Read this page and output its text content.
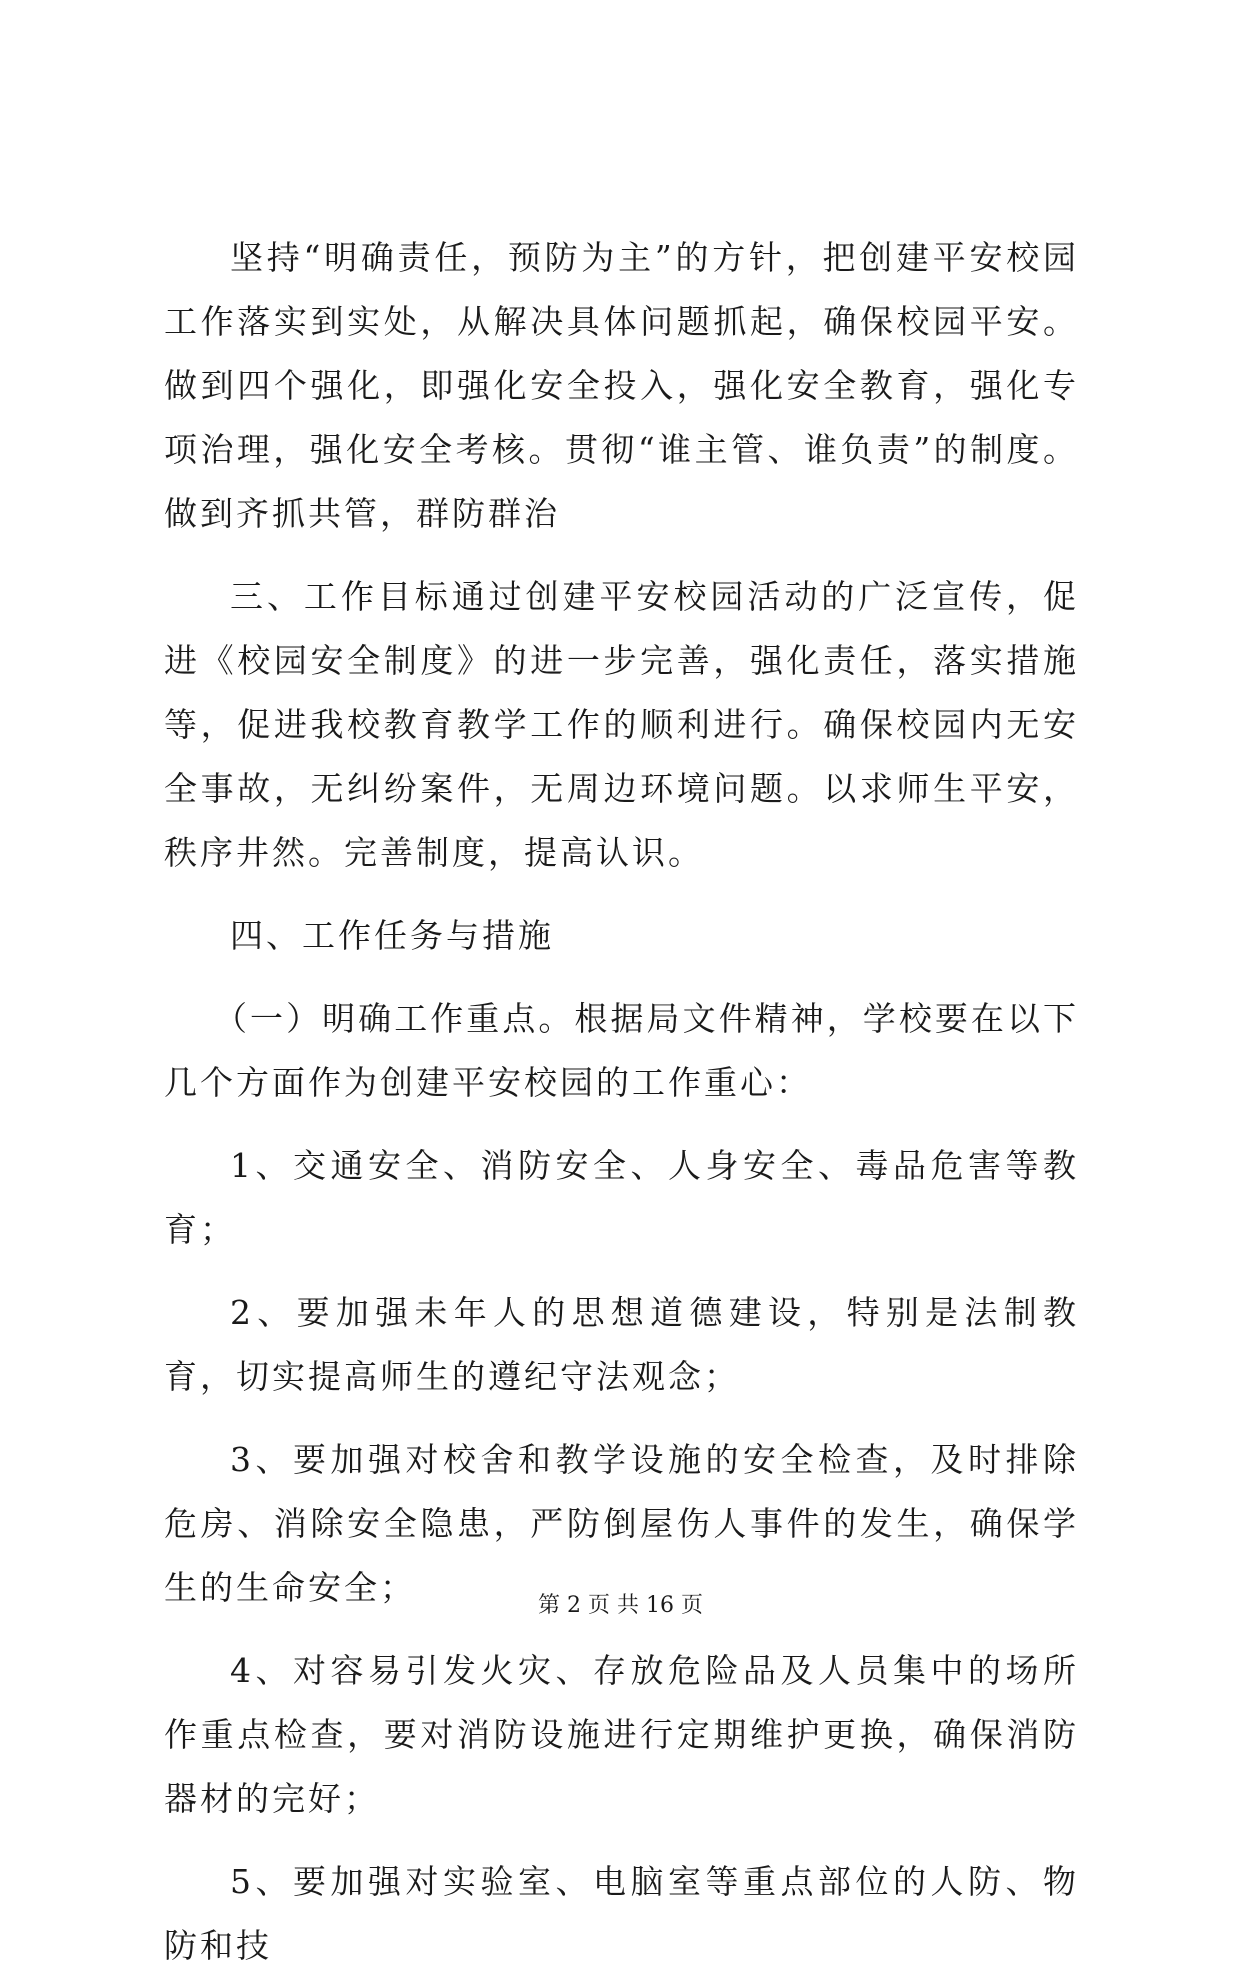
坚持“明确责任，预防为主”的方针，把创建平安校园工作落实到实处，从解决具体问题抓起，确保校园平安。做到四个强化，即强化安全投入，强化安全教育，强化专项治理，强化安全考核。贯彻“谁主管、谁负责”的制度。做到齐抓共管，群防群治

三、工作目标通过创建平安校园活动的广泛宣传，促进《校园安全制度》的进一步完善，强化责任，落实措施等，促进我校教育教学工作的顺利进行。确保校园内无安全事故，无纠纷案件，无周边环境问题。以求师生平安，秩序井然。完善制度，提高认识。

四、工作任务与措施

（一）明确工作重点。根据局文件精神，学校要在以下几个方面作为创建平安校园的工作重心：

1、交通安全、消防安全、人身安全、毒品危害等教育；

2、要加强未年人的思想道德建设，特别是法制教育，切实提高师生的遵纪守法观念；

3、要加强对校舍和教学设施的安全检查，及时排除危房、消除安全隐患，严防倒屋伤人事件的发生，确保学生的生命安全；

4、对容易引发火灾、存放危险品及人员集中的场所作重点检查，要对消防设施进行定期维护更换，确保消防器材的完好；

5、要加强对实验室、电脑室等重点部位的人防、物防和技

第 2 页 共 16 页
